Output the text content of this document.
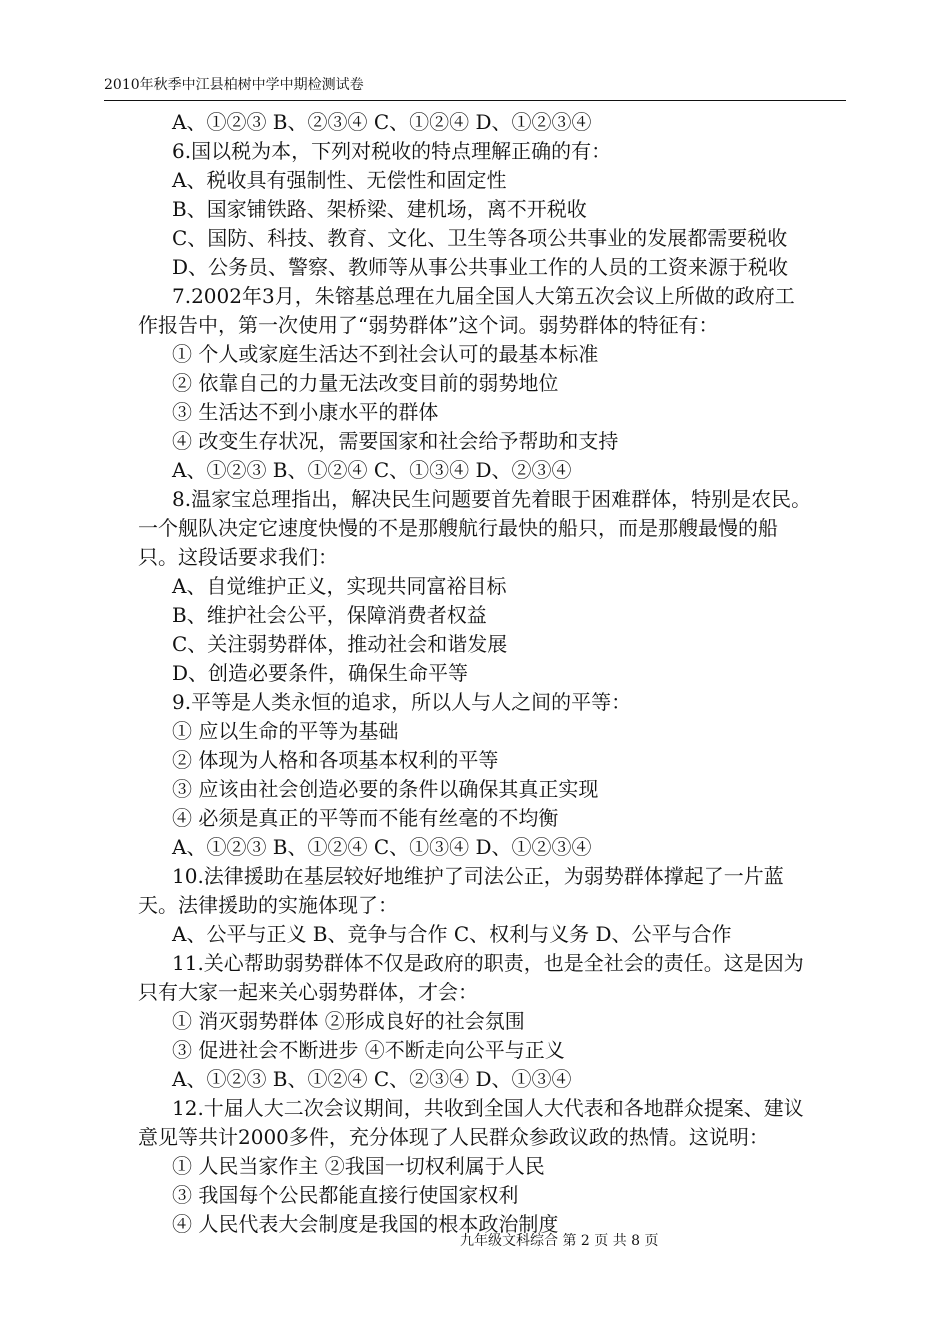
2010年秋季中江县柏树中学中期检测试卷
A、①②③ B、②③④ C、①②④ D、①②③④
6.国以税为本，下列对税收的特点理解正确的有：
A、税收具有强制性、无偿性和固定性
B、国家铺铁路、架桥梁、建机场，离不开税收
C、国防、科技、教育、文化、卫生等各项公共事业的发展都需要税收
D、公务员、警察、教师等从事公共事业工作的人员的工资来源于税收
7.2002年3月，朱镕基总理在九届全国人大第五次会议上所做的政府工
作报告中，第一次使用了“弱势群体”这个词。弱势群体的特征有：
① 个人或家庭生活达不到社会认可的最基本标准
② 依靠自己的力量无法改变目前的弱势地位
③ 生活达不到小康水平的群体
④ 改变生存状况，需要国家和社会给予帮助和支持
A、①②③ B、①②④ C、①③④ D、②③④
8.温家宝总理指出，解决民生问题要首先着眼于困难群体，特别是农民。
一个舰队决定它速度快慢的不是那艘航行最快的船只，而是那艘最慢的船
只。这段话要求我们：
A、自觉维护正义，实现共同富裕目标
B、维护社会公平，保障消费者权益
C、关注弱势群体，推动社会和谐发展
D、创造必要条件，确保生命平等
9.平等是人类永恒的追求，所以人与人之间的平等：
① 应以生命的平等为基础
② 体现为人格和各项基本权利的平等
③ 应该由社会创造必要的条件以确保其真正实现
④ 必须是真正的平等而不能有丝毫的不均衡
A、①②③ B、①②④ C、①③④ D、①②③④
10.法律援助在基层较好地维护了司法公正，为弱势群体撑起了一片蓝
天。法律援助的实施体现了：
A、公平与正义 B、竞争与合作 C、权利与义务 D、公平与合作
11.关心帮助弱势群体不仅是政府的职责，也是全社会的责任。这是因为
只有大家一起来关心弱势群体，才会：
① 消灭弱势群体 ②形成良好的社会氛围
③ 促进社会不断进步 ④不断走向公平与正义
A、①②③ B、①②④ C、②③④ D、①③④
12.十届人大二次会议期间，共收到全国人大代表和各地群众提案、建议
意见等共计2000多件，充分体现了人民群众参政议政的热情。这说明：
① 人民当家作主 ②我国一切权利属于人民
③ 我国每个公民都能直接行使国家权利
④ 人民代表大会制度是我国的根本政治制度
九年级文科综合 第 2 页 共 8 页
